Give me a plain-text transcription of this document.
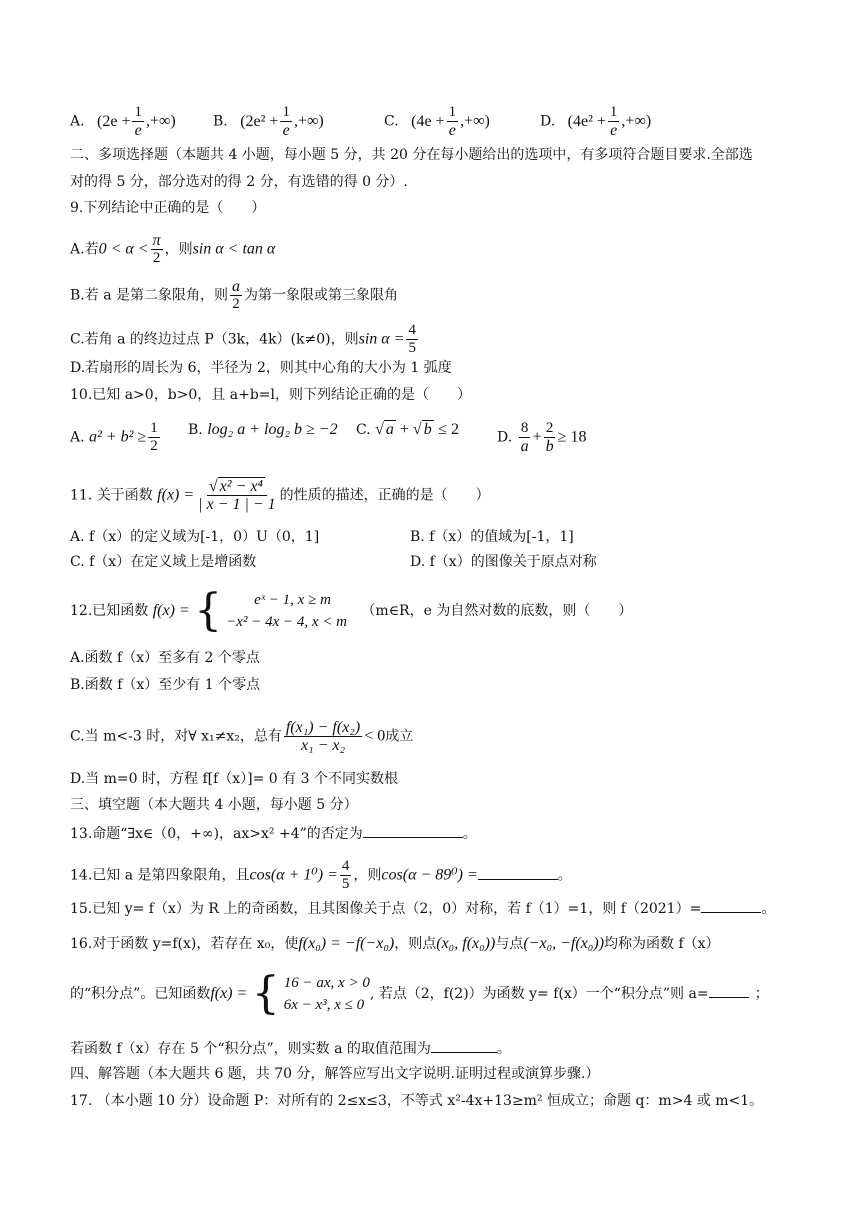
A. ($2e + \frac{1}{e}$ ,+∞)	B. ($2e^2 + \frac{1}{e}$ ,+∞)	C. ($4e + \frac{1}{e}$ ,+∞)	D. ($4e^2 + \frac{1}{e}$ ,+∞)
二、多项选择题（本题共 4 小题，每小题 5 分，共 20 分在每小题给出的选项中，有多项符合题目要求.全部选
对的得 5 分，部分选对的得 2 分，有选错的得 0 分）.
9.下列结论中正确的是（　　）
A.若$0 < \alpha < \frac{\pi}{2}$ ，则sin α < tan α
B.若 a 是第二象限角，则 $\frac{a}{2}$ 为第一象限或第三象限角
C.若角 a 的终边过点 P（3k，4k）(k≠0)，则$\sin \alpha = \frac{4}{5}$
D.若扇形的周长为 6，半径为 2，则其中心角的大小为 1 弧度
10.已知 a>0，b>0，且 a+b=l，则下列结论正确的是（　　）
A. $a^2 + b^2 \ge \frac{1}{2} B$. log₂ a + log₂ b ≥ −2 C. √ a + √ b ≤ 2	D. $\frac{8}{a} + \frac{2}{b} \ge 18$
11. 关于函数 $f(x) = \frac{\text{√ x² − x⁴}}{| x - 1 | - 1}$ 的性质的描述，正确的是（　　）
A. f（x）的定义域为[-1，0）U（0，1]	B. f（x）的值域为[-1，1]
C. f（x）在定义域上是增函数	D. f（x）的图像关于原点对称
12.已知函数 f(x) = {	eˣ − 1, x ≥ m
−x² − 4x − 4, x < m
（m∈R，e 为自然对数的底数，则（　　）
A.函数 f（x）至多有 2 个零点
B.函数 f（x）至少有 1 个零点
C.当 m<-3 时，对∀ x₁≠x₂，总有 $\frac{\text{f(x₁) − f(x₂)}}{\text{x₁ − x₂}} < 0$成立
D.当 m=0 时，方程 f[f（x）]= 0 有 3 个不同实数根
三、填空题（本大题共 4 小题，每小题 5 分）
13.命题“∃x∈（0，+∞)，ax>x² +4”的否定为	。
14.已知 a 是第四象限角，且$\cos(\alpha + 1^0) = \frac{4}{5}$ ，则cos(α − 89⁰) =	。
15.已知 y= f（x）为 R 上的奇函数，且其图像关于点（2，0）对称，若 f（1）=1，则 f（2021）=	。
16.对于函数 y=f(x)，若存在 x₀，使f(x₀) = −f(−x₀)，则点(x₀, f(x₀))与点(−x₀, −f(x₀))均称为函数 f（x）
的“积分点”。已知函数f(x) = { 16 − ax, x > 0
6x − x³, x ≤ 0
, 若点（2，f(2)）为函数 y= f(x）一个“积分点”则 a=	；
若函数 f（x）存在 5 个“积分点”，则实数 a 的取值范围为	。
四、解答题（本大题共 6 题，共 70 分，解答应写出文字说明.证明过程或演算步骤.）
17. （本小题 10 分）设命题 P：对所有的 2≤x≤3，不等式 x²-4x+13≥m² 恒成立；命题 q：m>4 或 m<1。
